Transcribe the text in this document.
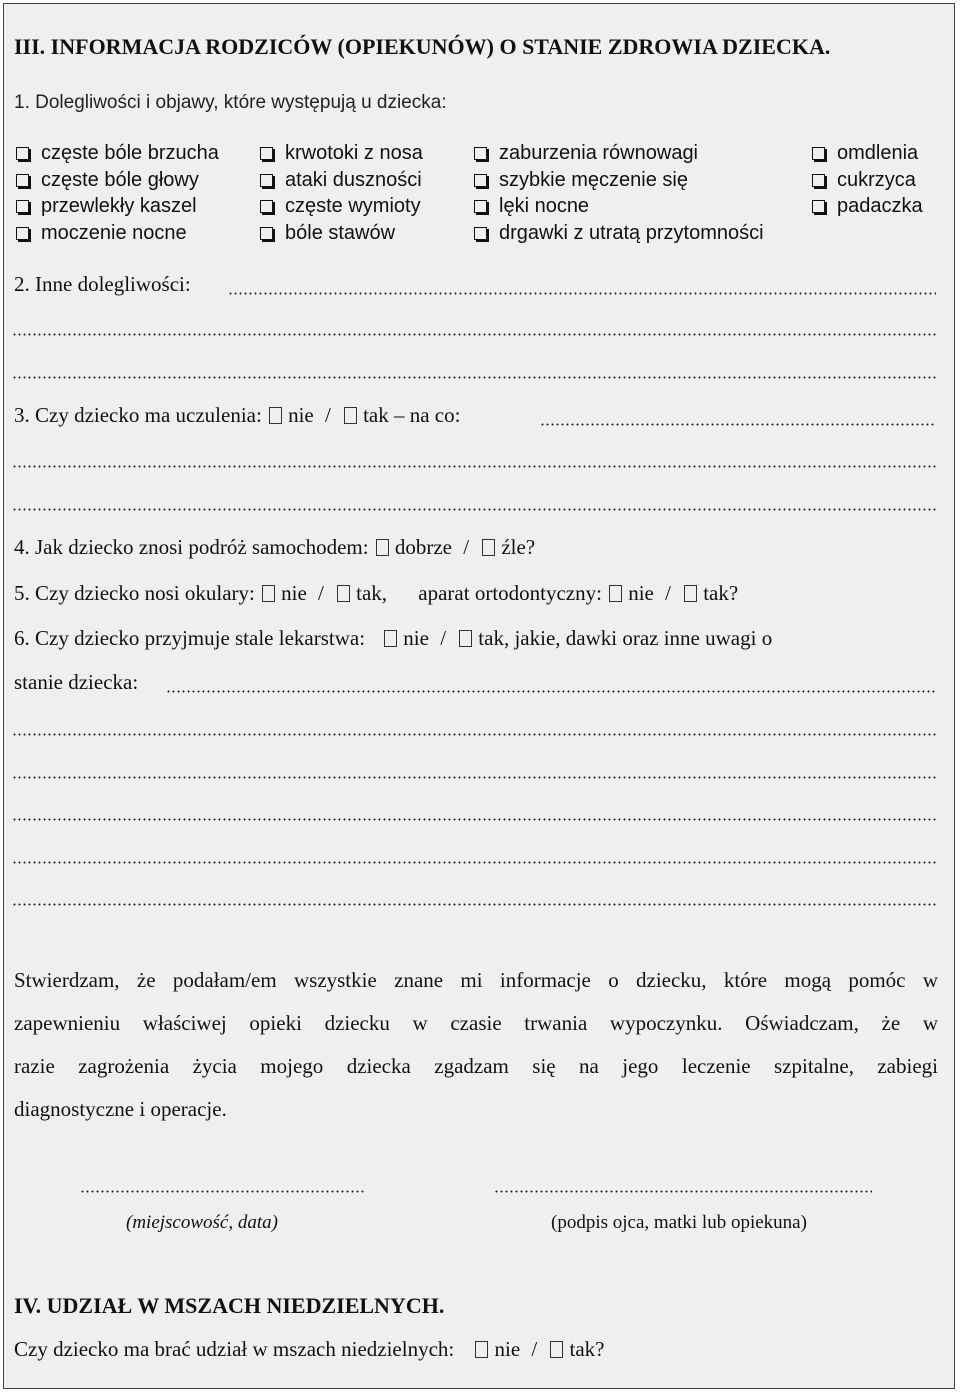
III. INFORMACJA RODZICÓW (OPIEKUNÓW) O STANIE ZDROWIA DZIECKA.
1. Dolegliwości i objawy, które występują u dziecka:
częste bóle brzucha
częste bóle głowy
przewlekły kaszel
moczenie nocne
krwotoki z nosa
ataki duszności
częste wymioty
bóle stawów
zaburzenia równowagi
szybkie męczenie się
lęki nocne
drgawki z utratą przytomności
omdlenia
cukrzyca
padaczka
2. Inne dolegliwości:
3. Czy dziecko ma uczulenia: nie / tak – na co:
4. Jak dziecko znosi podróż samochodem: dobrze / źle?
5. Czy dziecko nosi okulary: nie / tak, aparat ortodontyczny: nie / tak?
6. Czy dziecko przyjmuje stale lekarstwa: nie / tak, jakie, dawki oraz inne uwagi o
stanie dziecka:
Stwierdzam, że podałam/em wszystkie znane mi informacje o dziecku, które mogą pomóc w
zapewnieniu właściwej opieki dziecku w czasie trwania wypoczynku. Oświadczam, że w
razie zagrożenia życia mojego dziecka zgadzam się na jego leczenie szpitalne, zabiegi
diagnostyczne i operacje.
(miejscowość, data)	(podpis ojca, matki lub opiekuna)
IV. UDZIAŁ W MSZACH NIEDZIELNYCH.
Czy dziecko ma brać udział w mszach niedzielnych: nie / tak?
